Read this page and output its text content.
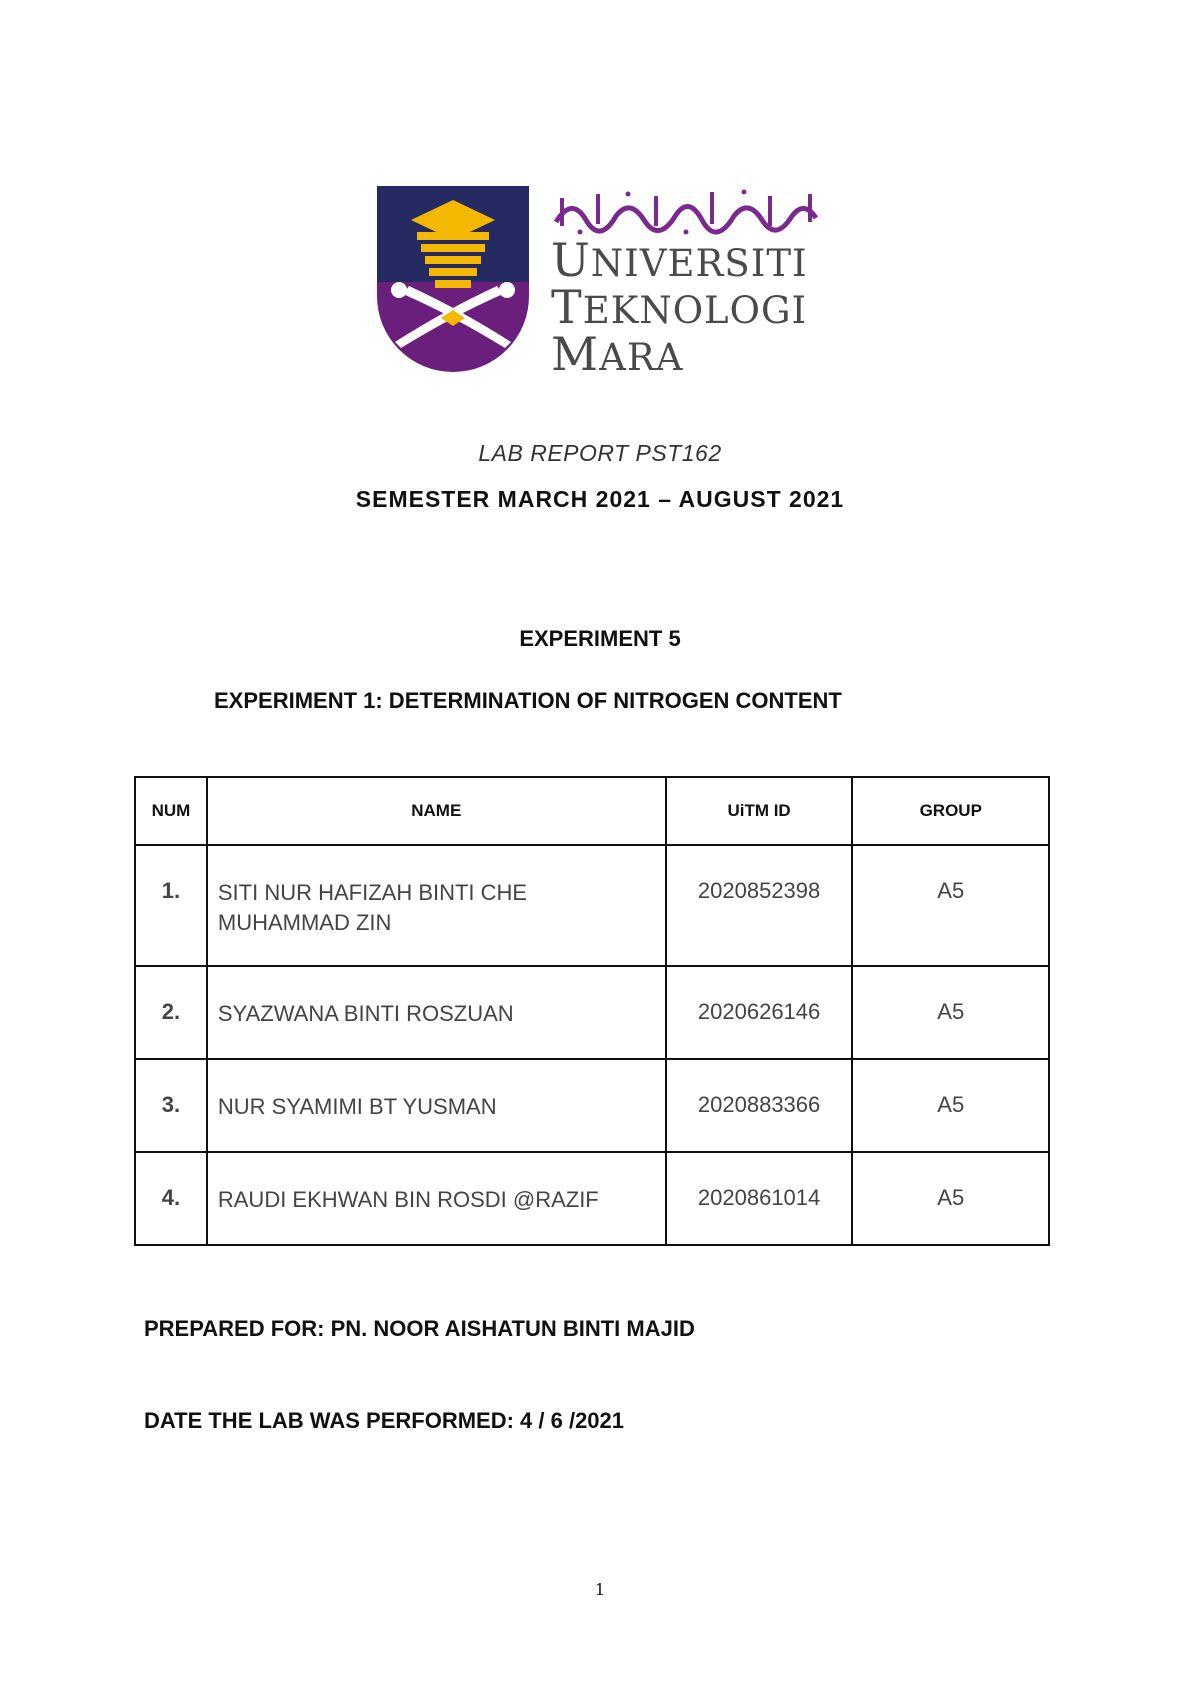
UNIVERSITI
TEKNOLOGI
MARA
LAB REPORT PST162
SEMESTER MARCH 2021 – AUGUST 2021
EXPERIMENT 5
EXPERIMENT 1: DETERMINATION OF NITROGEN CONTENT
NUM	NAME	UiTM ID	GROUP
1.	SITI NUR HAFIZAH BINTI CHE MUHAMMAD ZIN	2020852398	A5
2.	SYAZWANA BINTI ROSZUAN	2020626146	A5
3.	NUR SYAMIMI BT YUSMAN	2020883366	A5
4.	RAUDI EKHWAN BIN ROSDI @RAZIF	2020861014	A5
PREPARED FOR: PN. NOOR AISHATUN BINTI MAJID
DATE THE LAB WAS PERFORMED: 4 / 6 /2021
1
